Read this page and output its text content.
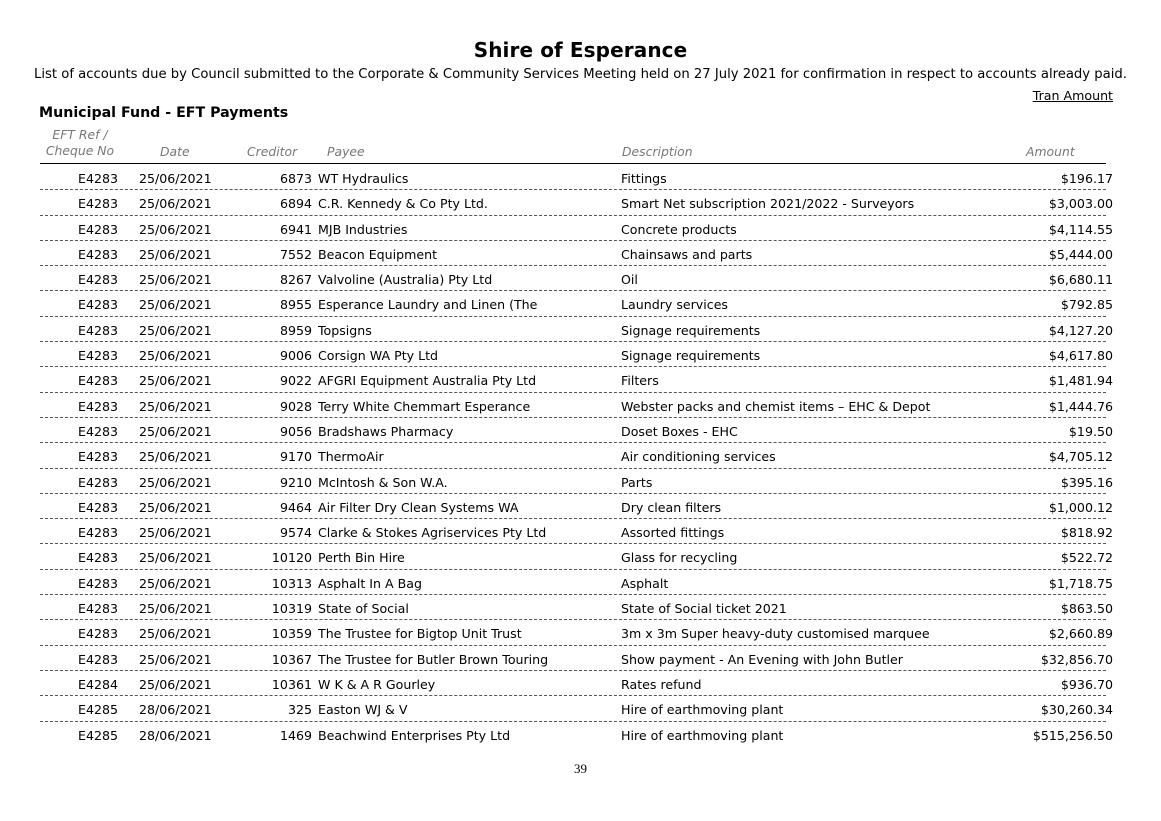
Shire of Esperance
List of accounts due by Council submitted to the Corporate & Community Services Meeting held on 27 July 2021 for confirmation in respect to accounts already paid.
Tran Amount
Municipal Fund - EFT Payments
EFT Ref /
Cheque No	Date	Creditor Payee	Description	Amount
E4283 25/06/2021	6873 WT Hydraulics	Fittings	$196.17
E4283 25/06/2021	6894 C.R. Kennedy & Co Pty Ltd.	Smart Net subscription 2021/2022 - Surveyors	$3,003.00
E4283 25/06/2021	6941 MJB Industries	Concrete products	$4,114.55
E4283 25/06/2021	7552 Beacon Equipment	Chainsaws and parts	$5,444.00
E4283 25/06/2021	8267 Valvoline (Australia) Pty Ltd	Oil	$6,680.11
E4283 25/06/2021	8955 Esperance Laundry and Linen (The	Laundry services	$792.85
E4283 25/06/2021	8959 Topsigns	Signage requirements	$4,127.20
E4283 25/06/2021	9006 Corsign WA Pty Ltd	Signage requirements	$4,617.80
E4283 25/06/2021	9022 AFGRI Equipment Australia Pty Ltd	Filters	$1,481.94
E4283 25/06/2021	9028 Terry White Chemmart Esperance	Webster packs and chemist items – EHC & Depot	$1,444.76
E4283 25/06/2021	9056 Bradshaws Pharmacy	Doset Boxes - EHC	$19.50
E4283 25/06/2021	9170 ThermoAir	Air conditioning services	$4,705.12
E4283 25/06/2021	9210 McIntosh & Son W.A.	Parts	$395.16
E4283 25/06/2021	9464 Air Filter Dry Clean Systems WA	Dry clean filters	$1,000.12
E4283 25/06/2021	9574 Clarke & Stokes Agriservices Pty Ltd	Assorted fittings	$818.92
E4283 25/06/2021	10120 Perth Bin Hire	Glass for recycling	$522.72
E4283 25/06/2021	10313 Asphalt In A Bag	Asphalt	$1,718.75
E4283 25/06/2021	10319 State of Social	State of Social ticket 2021	$863.50
E4283 25/06/2021	10359 The Trustee for Bigtop Unit Trust	3m x 3m Super heavy-duty customised marquee	$2,660.89
E4283 25/06/2021	10367 The Trustee for Butler Brown Touring	Show payment - An Evening with John Butler	$32,856.70
E4284 25/06/2021	10361 W K & A R Gourley	Rates refund	$936.70
E4285 28/06/2021	325 Easton WJ & V	Hire of earthmoving plant	$30,260.34
E4285 28/06/2021	1469 Beachwind Enterprises Pty Ltd	Hire of earthmoving plant	$515,256.50
39
